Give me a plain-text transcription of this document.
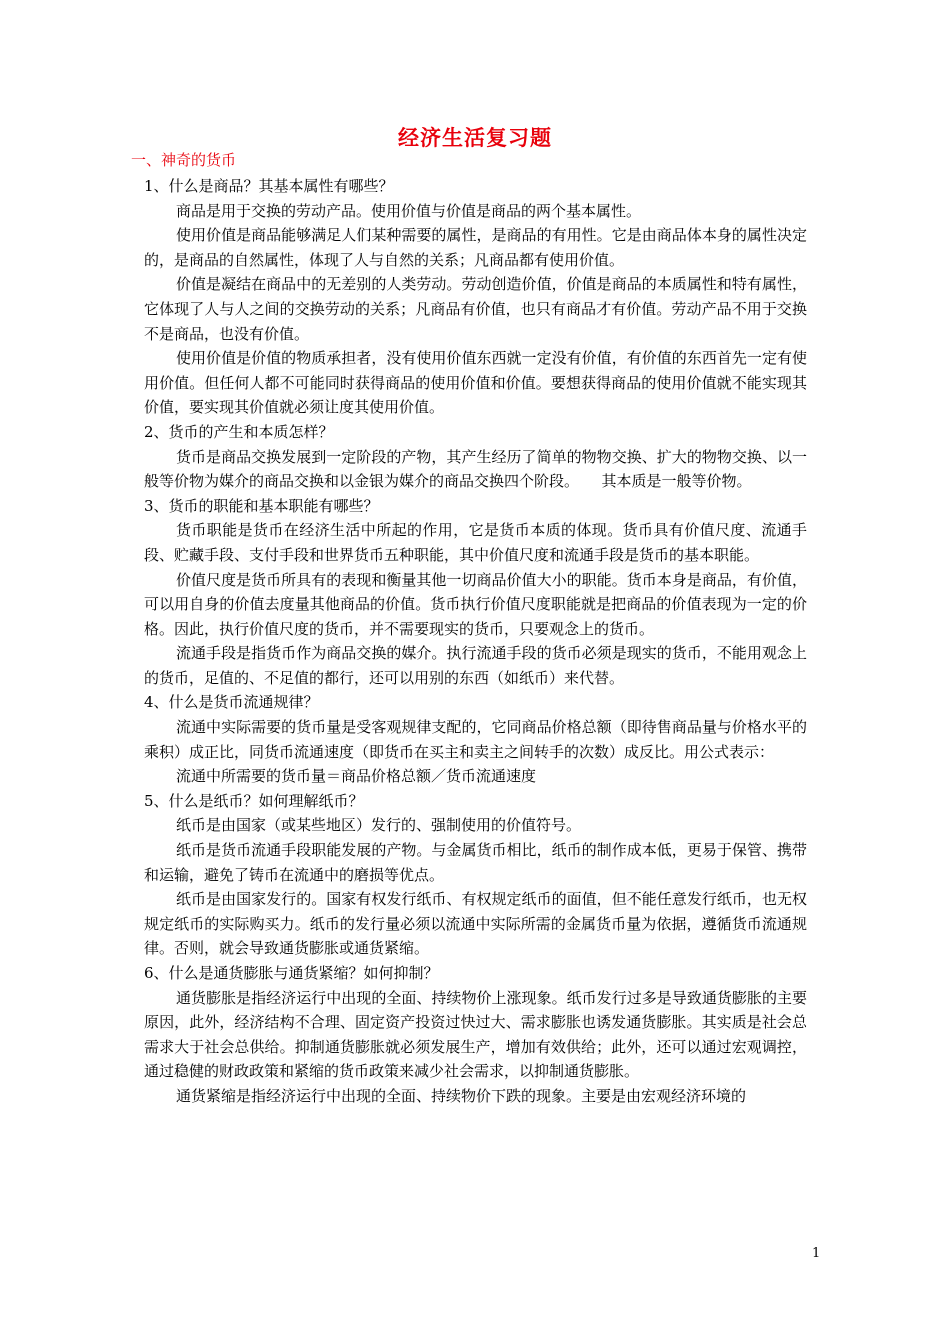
经济生活复习题
一、神奇的货币

1、什么是商品？其基本属性有哪些？

商品是用于交换的劳动产品。使用价值与价值是商品的两个基本属性。

使用价值是商品能够满足人们某种需要的属性，是商品的有用性。它是由商品体本身的属性决定的，是商品的自然属性，体现了人与自然的关系；凡商品都有使用价值。

价值是凝结在商品中的无差别的人类劳动。劳动创造价值，价值是商品的本质属性和特有属性，它体现了人与人之间的交换劳动的关系；凡商品有价值，也只有商品才有价值。劳动产品不用于交换不是商品，也没有价值。

使用价值是价值的物质承担者，没有使用价值东西就一定没有价值，有价值的东西首先一定有使用价值。但任何人都不可能同时获得商品的使用价值和价值。要想获得商品的使用价值就不能实现其价值，要实现其价值就必须让度其使用价值。

2、货币的产生和本质怎样？

货币是商品交换发展到一定阶段的产物，其产生经历了简单的物物交换、扩大的物物交换、以一般等价物为媒介的商品交换和以金银为媒介的商品交换四个阶段。　　其本质是一般等价物。

3、货币的职能和基本职能有哪些？

货币职能是货币在经济生活中所起的作用，它是货币本质的体现。货币具有价值尺度、流通手段、贮藏手段、支付手段和世界货币五种职能，其中价值尺度和流通手段是货币的基本职能。

价值尺度是货币所具有的表现和衡量其他一切商品价值大小的职能。货币本身是商品，有价值，可以用自身的价值去度量其他商品的价值。货币执行价值尺度职能就是把商品的价值表现为一定的价格。因此，执行价值尺度的货币，并不需要现实的货币，只要观念上的货币。

流通手段是指货币作为商品交换的媒介。执行流通手段的货币必须是现实的货币，不能用观念上的货币，足值的、不足值的都行，还可以用别的东西（如纸币）来代替。

4、什么是货币流通规律？

流通中实际需要的货币量是受客观规律支配的，它同商品价格总额（即待售商品量与价格水平的乘积）成正比，同货币流通速度（即货币在买主和卖主之间转手的次数）成反比。用公式表示：

流通中所需要的货币量＝商品价格总额／货币流通速度

5、什么是纸币？如何理解纸币？

纸币是由国家（或某些地区）发行的、强制使用的价值符号。

纸币是货币流通手段职能发展的产物。与金属货币相比，纸币的制作成本低，更易于保管、携带和运输，避免了铸币在流通中的磨损等优点。

纸币是由国家发行的。国家有权发行纸币、有权规定纸币的面值，但不能任意发行纸币，也无权规定纸币的实际购买力。纸币的发行量必须以流通中实际所需的金属货币量为依据，遵循货币流通规律。否则，就会导致通货膨胀或通货紧缩。

6、什么是通货膨胀与通货紧缩？如何抑制？

通货膨胀是指经济运行中出现的全面、持续物价上涨现象。纸币发行过多是导致通货膨胀的主要原因，此外，经济结构不合理、固定资产投资过快过大、需求膨胀也诱发通货膨胀。其实质是社会总需求大于社会总供给。抑制通货膨胀就必须发展生产，增加有效供给；此外，还可以通过宏观调控，通过稳健的财政政策和紧缩的货币政策来减少社会需求，以抑制通货膨胀。

通货紧缩是指经济运行中出现的全面、持续物价下跌的现象。主要是由宏观经济环境的

1
